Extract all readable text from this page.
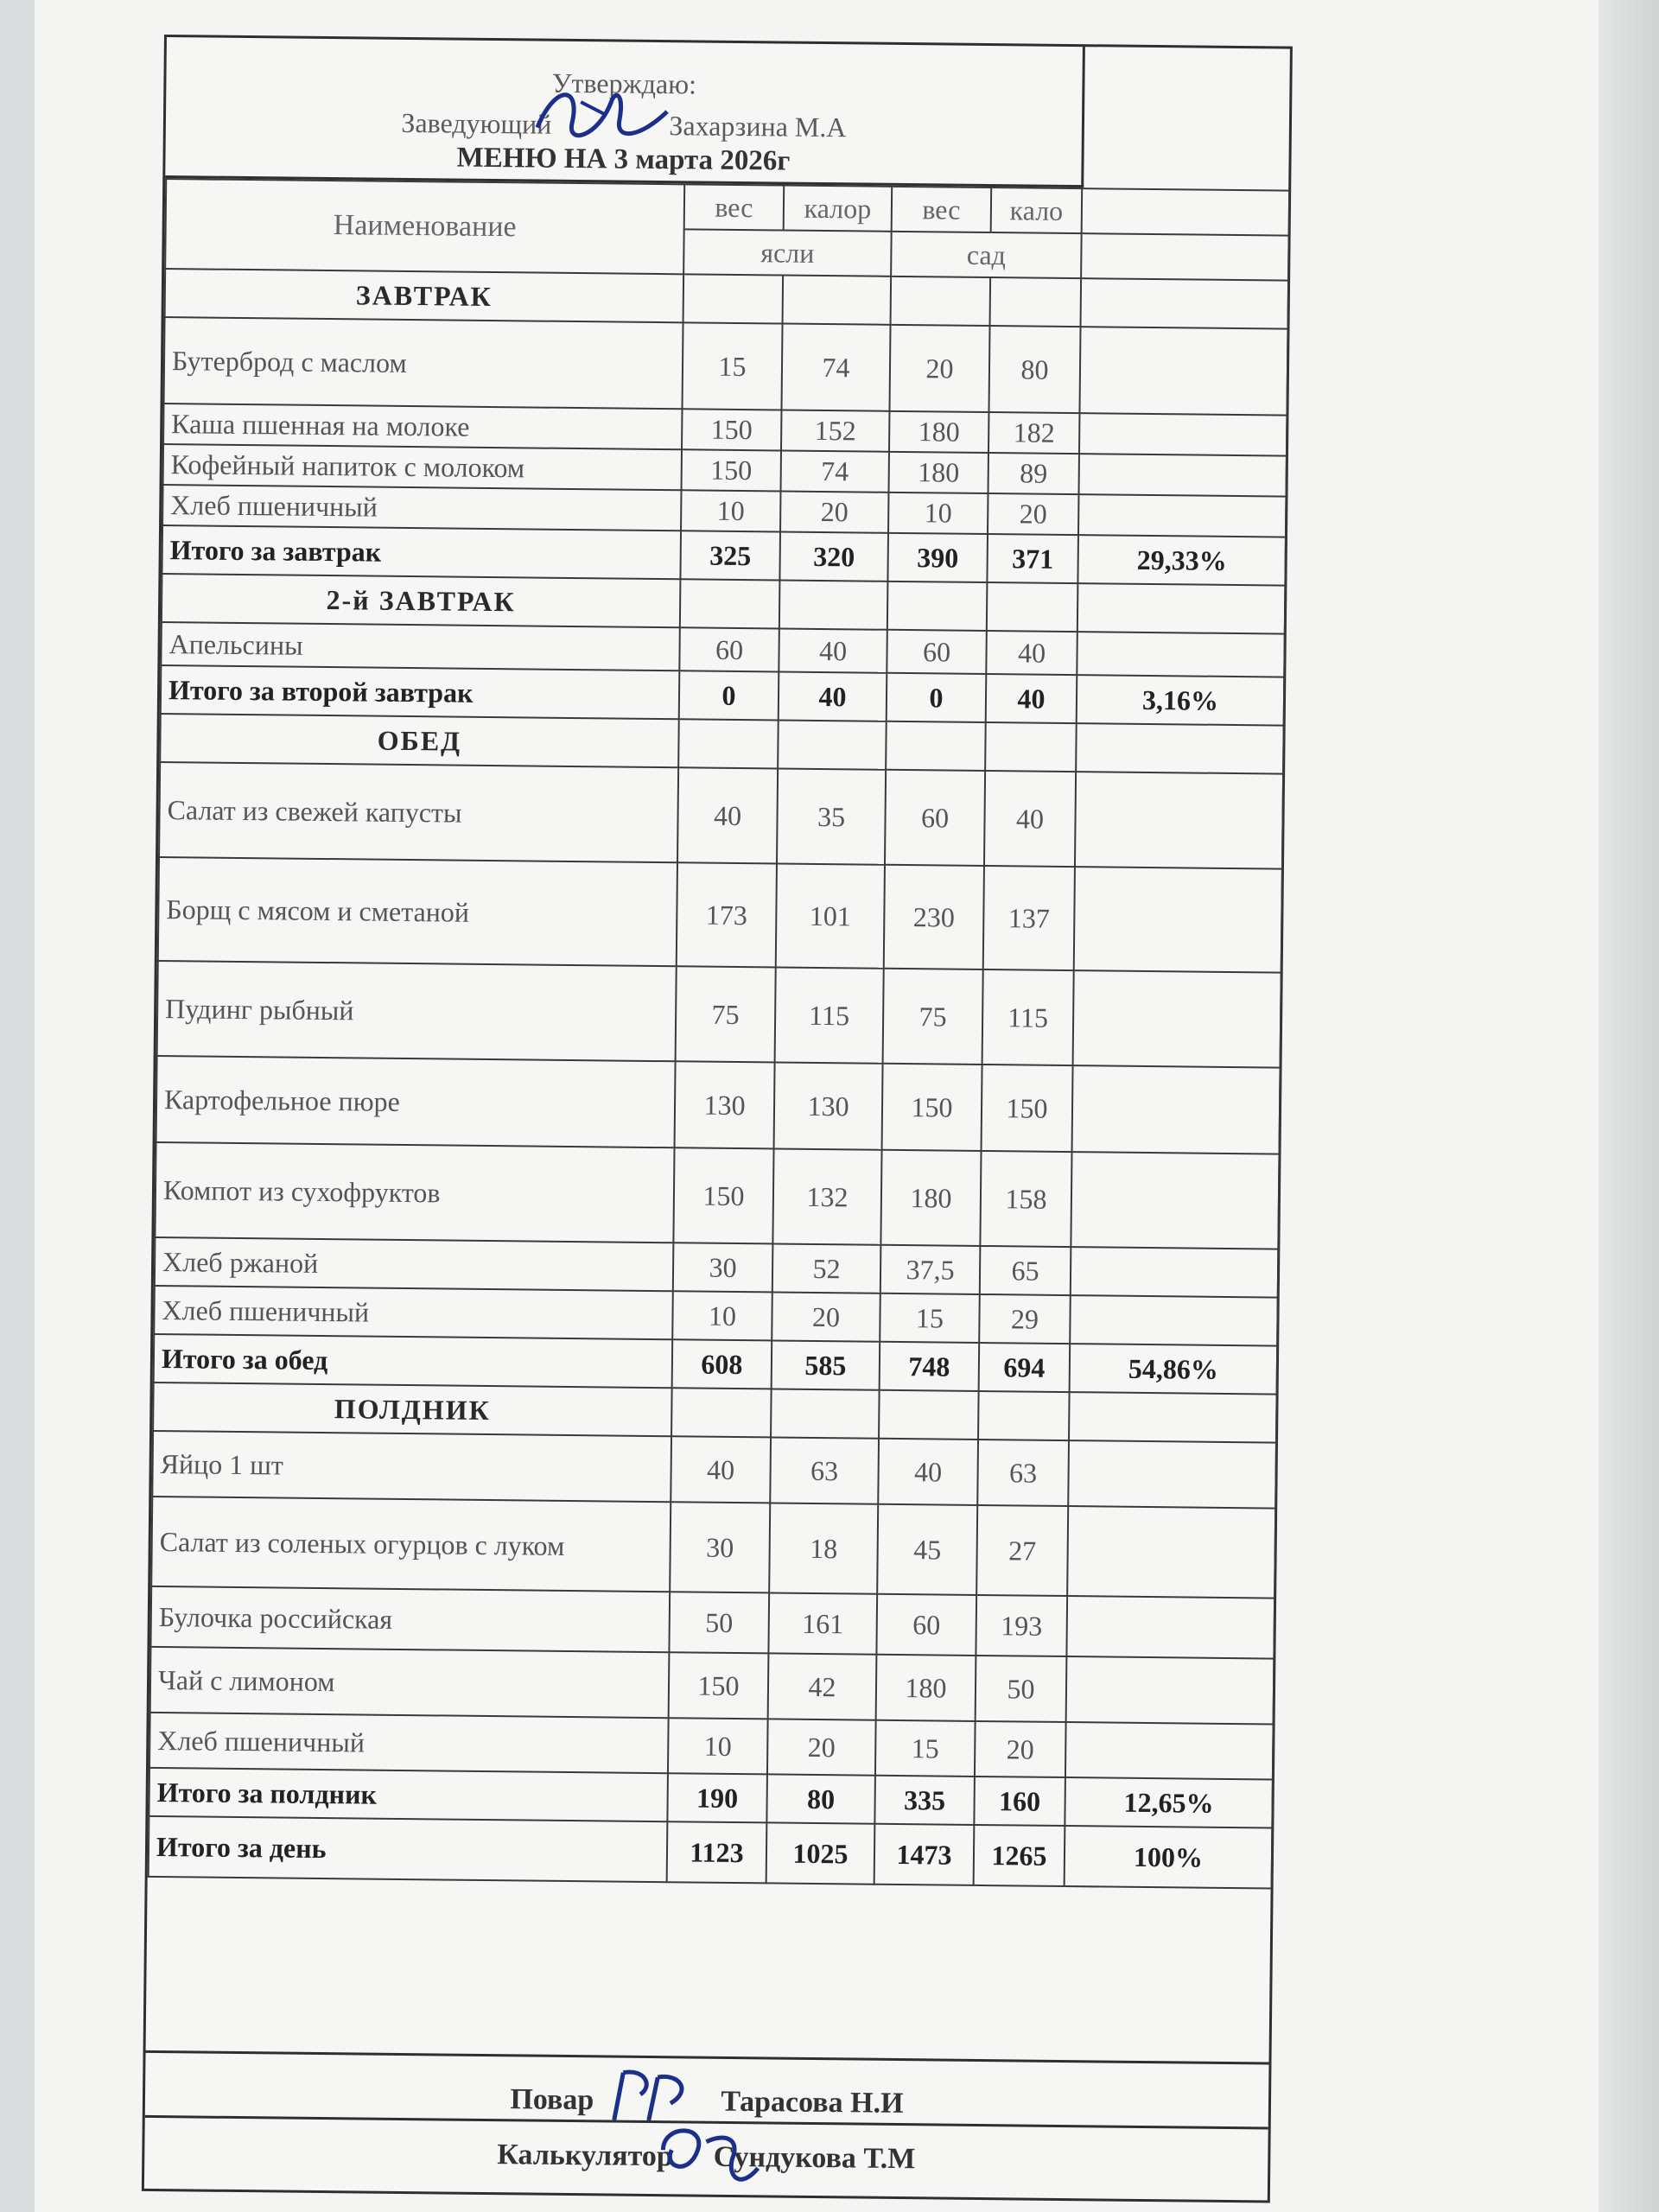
Утверждаю:
Заведующий	Захарзина М.А
МЕНЮ НА 3 марта 2026г
Наименование	вес	калор	вес	кало	
	ясли		сад		
ЗАВТРАК					
Бутерброд с маслом	15	74	20	80	
Каша пшенная на молоке	150	152	180	182	
Кофейный напиток с молоком	150	74	180	89	
Хлеб пшеничный	10	20	10	20	
Итого за завтрак	325	320	390	371	29,33%
2-й ЗАВТРАК					
Апельсины	60	40	60	40	
Итого за второй завтрак	0	40	0	40	3,16%
ОБЕД					
Салат из свежей капусты	40	35	60	40	
Борщ с мясом и сметаной	173	101	230	137	
Пудинг рыбный	75	115	75	115	
Картофельное пюре	130	130	150	150	
Компот из сухофруктов	150	132	180	158	
Хлеб ржаной	30	52	37,5	65	
Хлеб пшеничный	10	20	15	29	
Итого за обед	608	585	748	694	54,86%
ПОЛДНИК					
Яйцо 1 шт	40	63	40	63	
Салат из соленых огурцов с луком	30	18	45	27	
Булочка российская	50	161	60	193	
Чай с лимоном	150	42	180	50	
Хлеб пшеничный	10	20	15	20	
Итого за полдник	190	80	335	160	12,65%
Итого за день	1123	1025	1473	1265	100%
Повар	Тарасова Н.И
Калькулятор Сундукова Т.М
